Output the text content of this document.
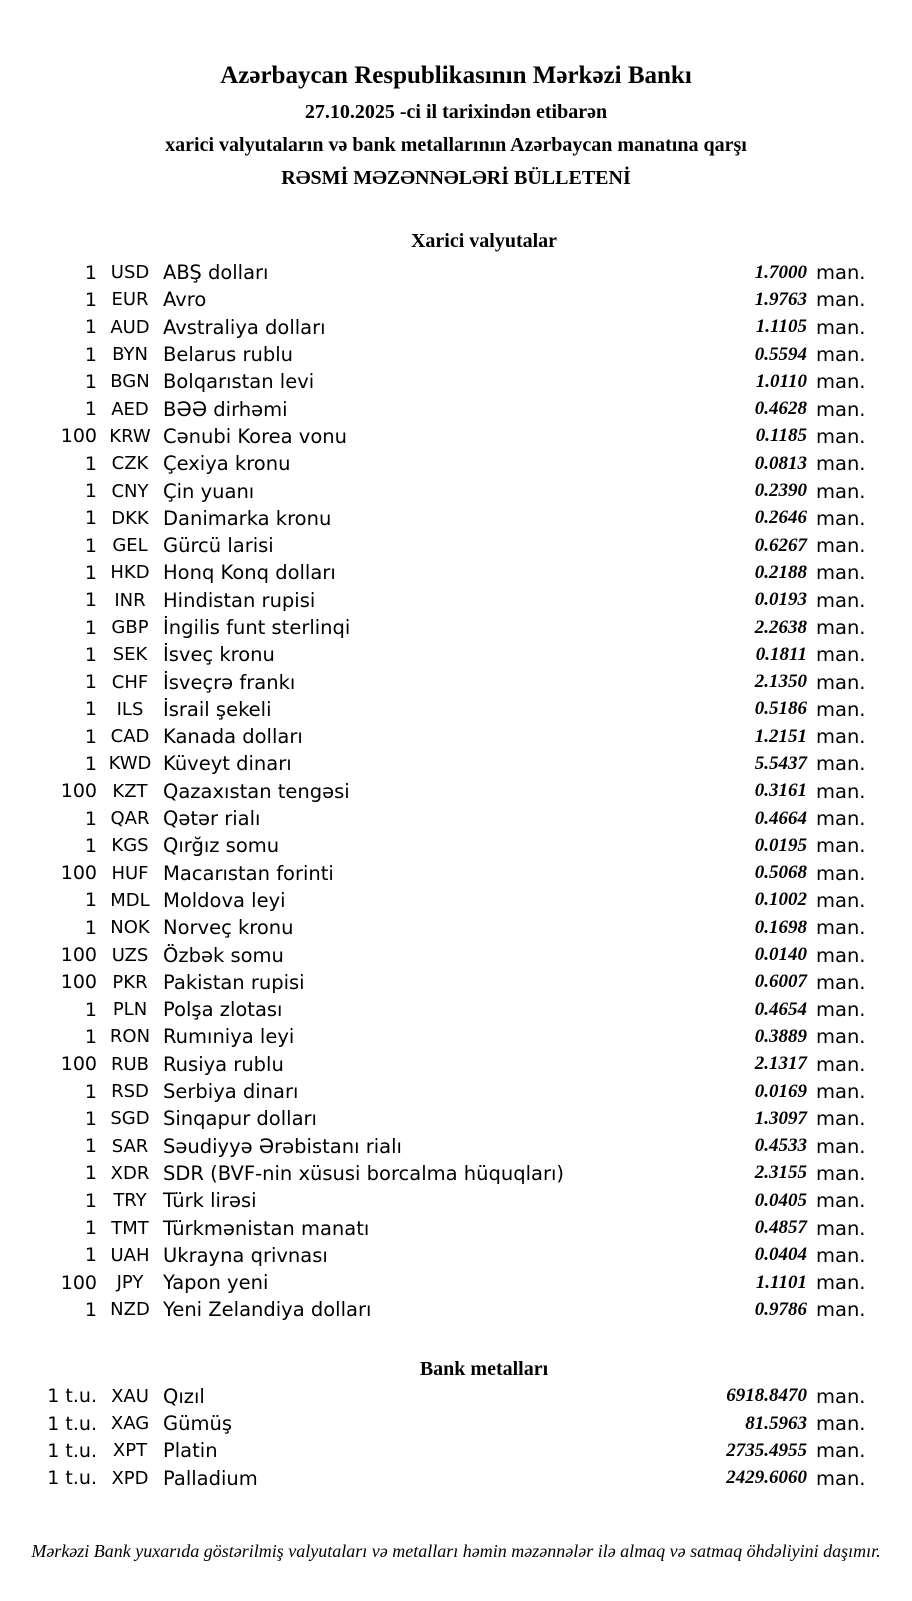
Azərbaycan Respublikasının Mərkəzi Bankı
27.10.2025 -ci il tarixindən etibarən
xarici valyutaların və bank metallarının Azərbaycan manatına qarşı
RƏSMİ MƏZƏNNƏLƏRİ BÜLLETENİ
Xarici valyutalar
1 USD ABŞ dolları	1.7000 man.
1 EUR Avro	1.9763 man.
1 AUD Avstraliya dolları	1.1105 man.
1 BYN Belarus rublu	0.5594 man.
1 BGN Bolqarıstan levi	1.0110 man.
1 AED BƏƏ dirhəmi	0.4628 man.
100 KRW Cənubi Korea vonu	0.1185 man.
1 CZK Çexiya kronu	0.0813 man.
1 CNY Çin yuanı	0.2390 man.
1 DKK Danimarka kronu	0.2646 man.
1 GEL Gürcü larisi	0.6267 man.
1 HKD Honq Konq dolları	0.2188 man.
1 INR Hindistan rupisi	0.0193 man.
1 GBP İngilis funt sterlinqi	2.2638 man.
1 SEK İsveç kronu	0.1811 man.
1 CHF İsveçrə frankı	2.1350 man.
1	ILS	İsrail şekeli	0.5186 man.
1 CAD Kanada dolları	1.2151 man.
1 KWD Küveyt dinarı	5.5437 man.
100 KZT Qazaxıstan tengəsi	0.3161 man.
1 QAR Qətər rialı	0.4664 man.
1 KGS Qırğız somu	0.0195 man.
100 HUF Macarıstan forinti	0.5068 man.
1 MDL Moldova leyi	0.1002 man.
1 NOK Norveç kronu	0.1698 man.
100 UZS Özbək somu	0.0140 man.
100 PKR Pakistan rupisi	0.6007 man.
1 PLN Polşa zlotası	0.4654 man.
1 RON Rumıniya leyi	0.3889 man.
100 RUB Rusiya rublu	2.1317 man.
1 RSD Serbiya dinarı	0.0169 man.
1 SGD Sinqapur dolları	1.3097 man.
1 SAR Səudiyyə Ərəbistanı rialı	0.4533 man.
1 XDR SDR (BVF-nin xüsusi borcalma hüquqları)	2.3155 man.
1 TRY Türk lirəsi	0.0405 man.
1 TMT Türkmənistan manatı	0.4857 man.
1 UAH Ukrayna qrivnası	0.0404 man.
100	JPY	Yapon yeni	1.1101 man.
1 NZD Yeni Zelandiya dolları	0.9786 man.
Bank metalları
1 t.u. XAU Qızıl	6918.8470 man.
1 t.u. XAG Gümüş	81.5963 man.
1 t.u. XPT Platin	2735.4955 man.
1 t.u. XPD Palladium	2429.6060 man.
Mərkəzi Bank yuxarıda göstərilmiş valyutaları və metalları həmin məzənnələr ilə almaq və satmaq öhdəliyini daşımır.
